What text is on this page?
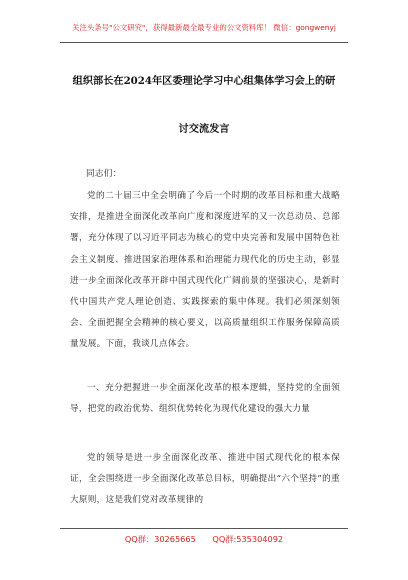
关注头条号"公文研究"，获得最新最全最专业的公文资料库！ 微信：gongwenyj
组织部长在2024年区委理论学习中心组集体学习会上的研
讨交流发言
同志们：
党的二十届三中全会明确了今后一个时期的改革目标和重大战略安排，是推进全面深化改革向广度和深度进军的又一次总动员、总部署，充分体现了以习近平同志为核心的党中央完善和发展中国特色社会主义制度、推进国家治理体系和治理能力现代化的历史主动，彰显进一步全面深化改革开辟中国式现代化广阔前景的坚强决心，是新时代中国共产党人理论创造、实践探索的集中体现。我们必须深刻领会、全面把握全会精神的核心要义，以高质量组织工作服务保障高质量发展。下面，我谈几点体会。
一、充分把握进一步全面深化改革的根本逻辑，坚持党的全面领导，把党的政治优势、组织优势转化为现代化建设的强大力量
党的领导是进一步全面深化改革、推进中国式现代化的根本保证，全会围绕进一步全面深化改革总目标，明确提出“六个坚持”的重大原则，这是我们党对改革规律的
QQ群：30265665 QQ群:535304092
